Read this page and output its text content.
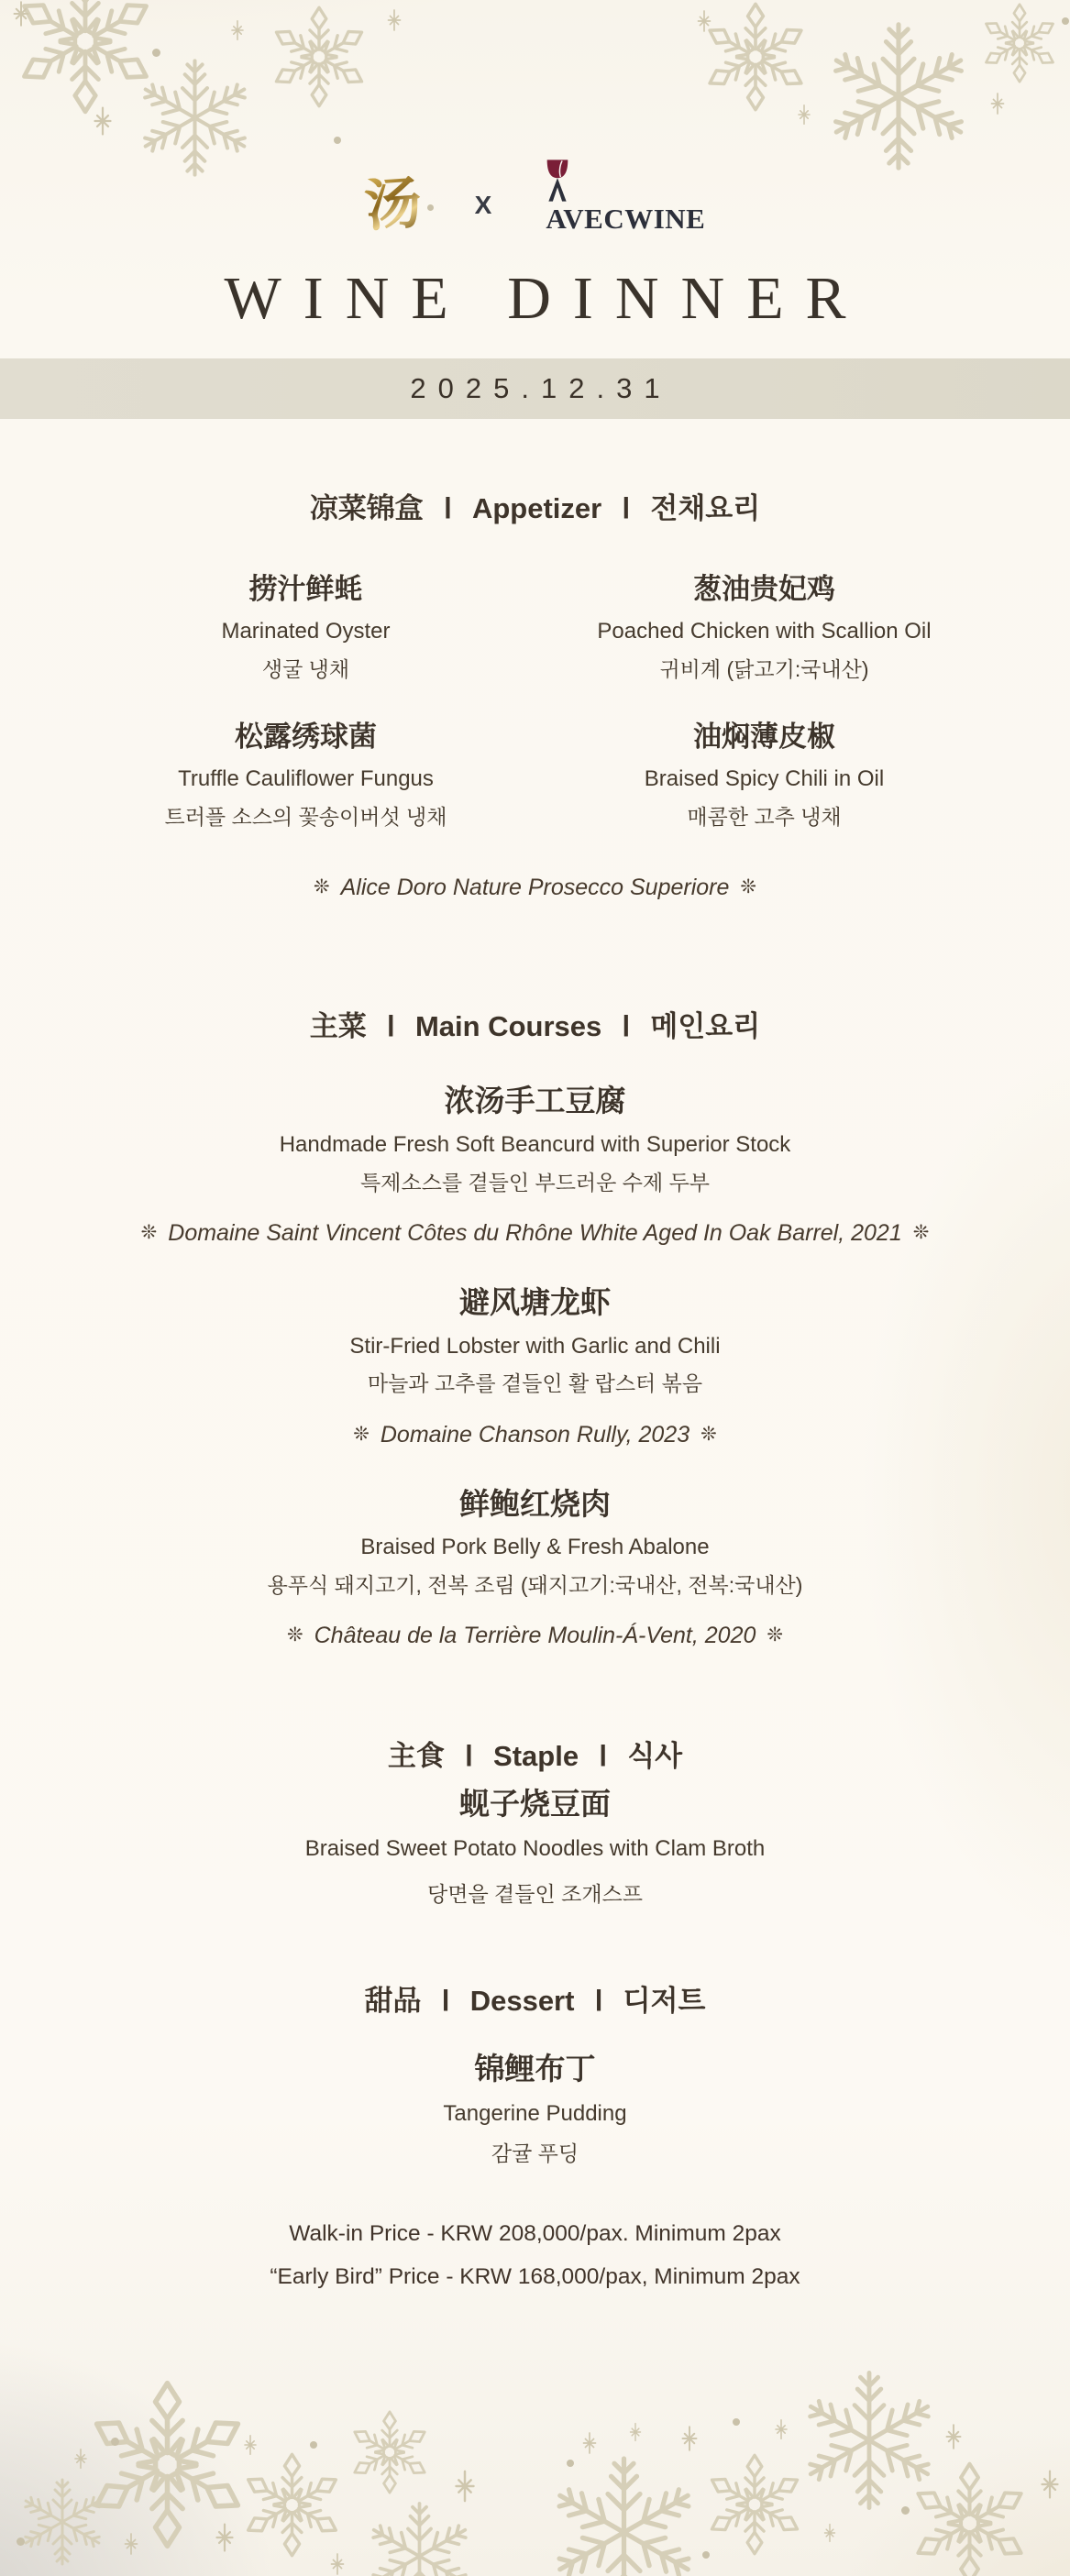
汤 X AVECWINE
WINE DINNER
2025.12.31
凉菜锦盒 Ⅰ Appetizer Ⅰ 전채요리
捞汁鲜蚝
Marinated Oyster
생굴 냉채
葱油贵妃鸡
Poached Chicken with Scallion Oil
귀비계 (닭고기:국내산)
松露绣球菌
Truffle Cauliflower Fungus
트러플 소스의 꽃송이버섯 냉채
油焖薄皮椒
Braised Spicy Chili in Oil
매콤한 고추 냉채
❊ Alice Doro Nature Prosecco Superiore ❊
主菜 Ⅰ Main Courses Ⅰ 메인요리
浓汤手工豆腐
Handmade Fresh Soft Beancurd with Superior Stock
특제소스를 곁들인 부드러운 수제 두부
❊ Domaine Saint Vincent Côtes du Rhône White Aged In Oak Barrel, 2021 ❊
避风塘龙虾
Stir-Fried Lobster with Garlic and Chili
마늘과 고추를 곁들인 활 랍스터 볶음
❊ Domaine Chanson Rully, 2023 ❊
鲜鲍红烧肉
Braised Pork Belly & Fresh Abalone
용푸식 돼지고기, 전복 조림 (돼지고기:국내산, 전복:국내산)
❊ Château de la Terrière Moulin-Á-Vent, 2020 ❊
主食 Ⅰ Staple Ⅰ 식사
蚬子烧豆面
Braised Sweet Potato Noodles with Clam Broth
당면을 곁들인 조개스프
甜品 Ⅰ Dessert Ⅰ 디저트
锦鲤布丁
Tangerine Pudding
감귤 푸딩
Walk-in Price - KRW 208,000/pax. Minimum 2pax
“Early Bird” Price - KRW 168,000/pax, Minimum 2pax
